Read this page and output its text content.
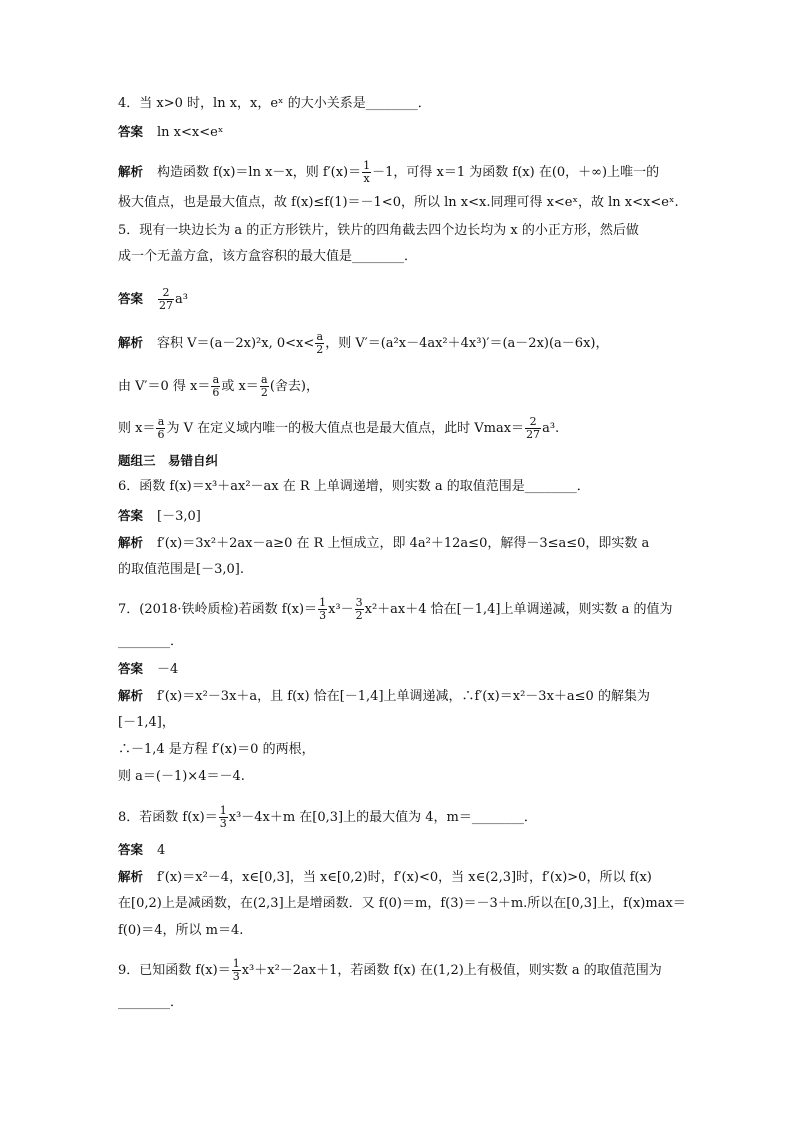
4．当 x>0 时，ln x，x，eˣ 的大小关系是________．
答案 ln x<x<eˣ
解析 构造函数 f(x)＝ln x－x，则 $f'(x)= \frac{1}{x} -1$，可得 x＝1 为函数 f(x) 在(0，＋∞)上唯一的
极大值点，也是最大值点，故 f(x)≤f(1)＝－1<0，所以 ln x<x.同理可得 x<eˣ，故 ln x<x<eˣ.
5．现有一块边长为 a 的正方形铁片，铁片的四角截去四个边长均为 x 的小正方形，然后做
成一个无盖方盒，该方盒容积的最大值是________．
答案 $\frac{2}{27} a^3$
解析 容积 V＝(a－2x)²x, $0<x< \frac{a}{2}$ ，则 V′＝(a²x－4ax²＋4x³)′＝(a－2x)(a－6x)，
由 V′＝0 得 $x= \frac{a}{6}$ 或 $x= \frac{a}{2}$ (舍去)，
则 $x= \frac{a}{6}$ 为 V 在定义域内唯一的极大值点也是最大值点，此时 $Vmax= \frac{2}{27} a^3$.
题组三　易错自纠
6．函数 f(x)＝x³＋ax²－ax 在 R 上单调递增，则实数 a 的取值范围是________．
答案 [－3,0]
解析 f′(x)＝3x²＋2ax－a≥0 在 R 上恒成立，即 4a²＋12a≤0，解得－3≤a≤0，即实数 a
的取值范围是[－3,0].
7．(2018·铁岭质检)若函数 $f(x)= \frac{1}{3} x^3- \frac{3}{2} x^2+ax+4$ 恰在[－1,4]上单调递减，则实数 a 的值为
________．
答案 －4
解析 f′(x)＝x²－3x＋a，且 f(x) 恰在[－1,4]上单调递减，∴f′(x)＝x²－3x＋a≤0 的解集为
[－1,4]，
∴－1,4 是方程 f′(x)＝0 的两根，
则 a＝(－1)×4＝－4.
8．若函数 $f(x)= \frac{1}{3} x^3-4x+m$ 在[0,3]上的最大值为 4，m＝________．
答案 4
解析 f′(x)＝x²－4，x∈[0,3]，当 x∈[0,2)时，f′(x)<0，当 x∈(2,3]时，f′(x)>0，所以 f(x)
在[0,2)上是减函数，在(2,3]上是增函数．又 f(0)＝m，f(3)＝－3＋m.所以在[0,3]上，f(x)max＝
f(0)＝4，所以 m＝4.
9．已知函数 $f(x)= \frac{1}{3} x^3+x^2-2ax+1$，若函数 f(x) 在(1,2)上有极值，则实数 a 的取值范围为
________．
